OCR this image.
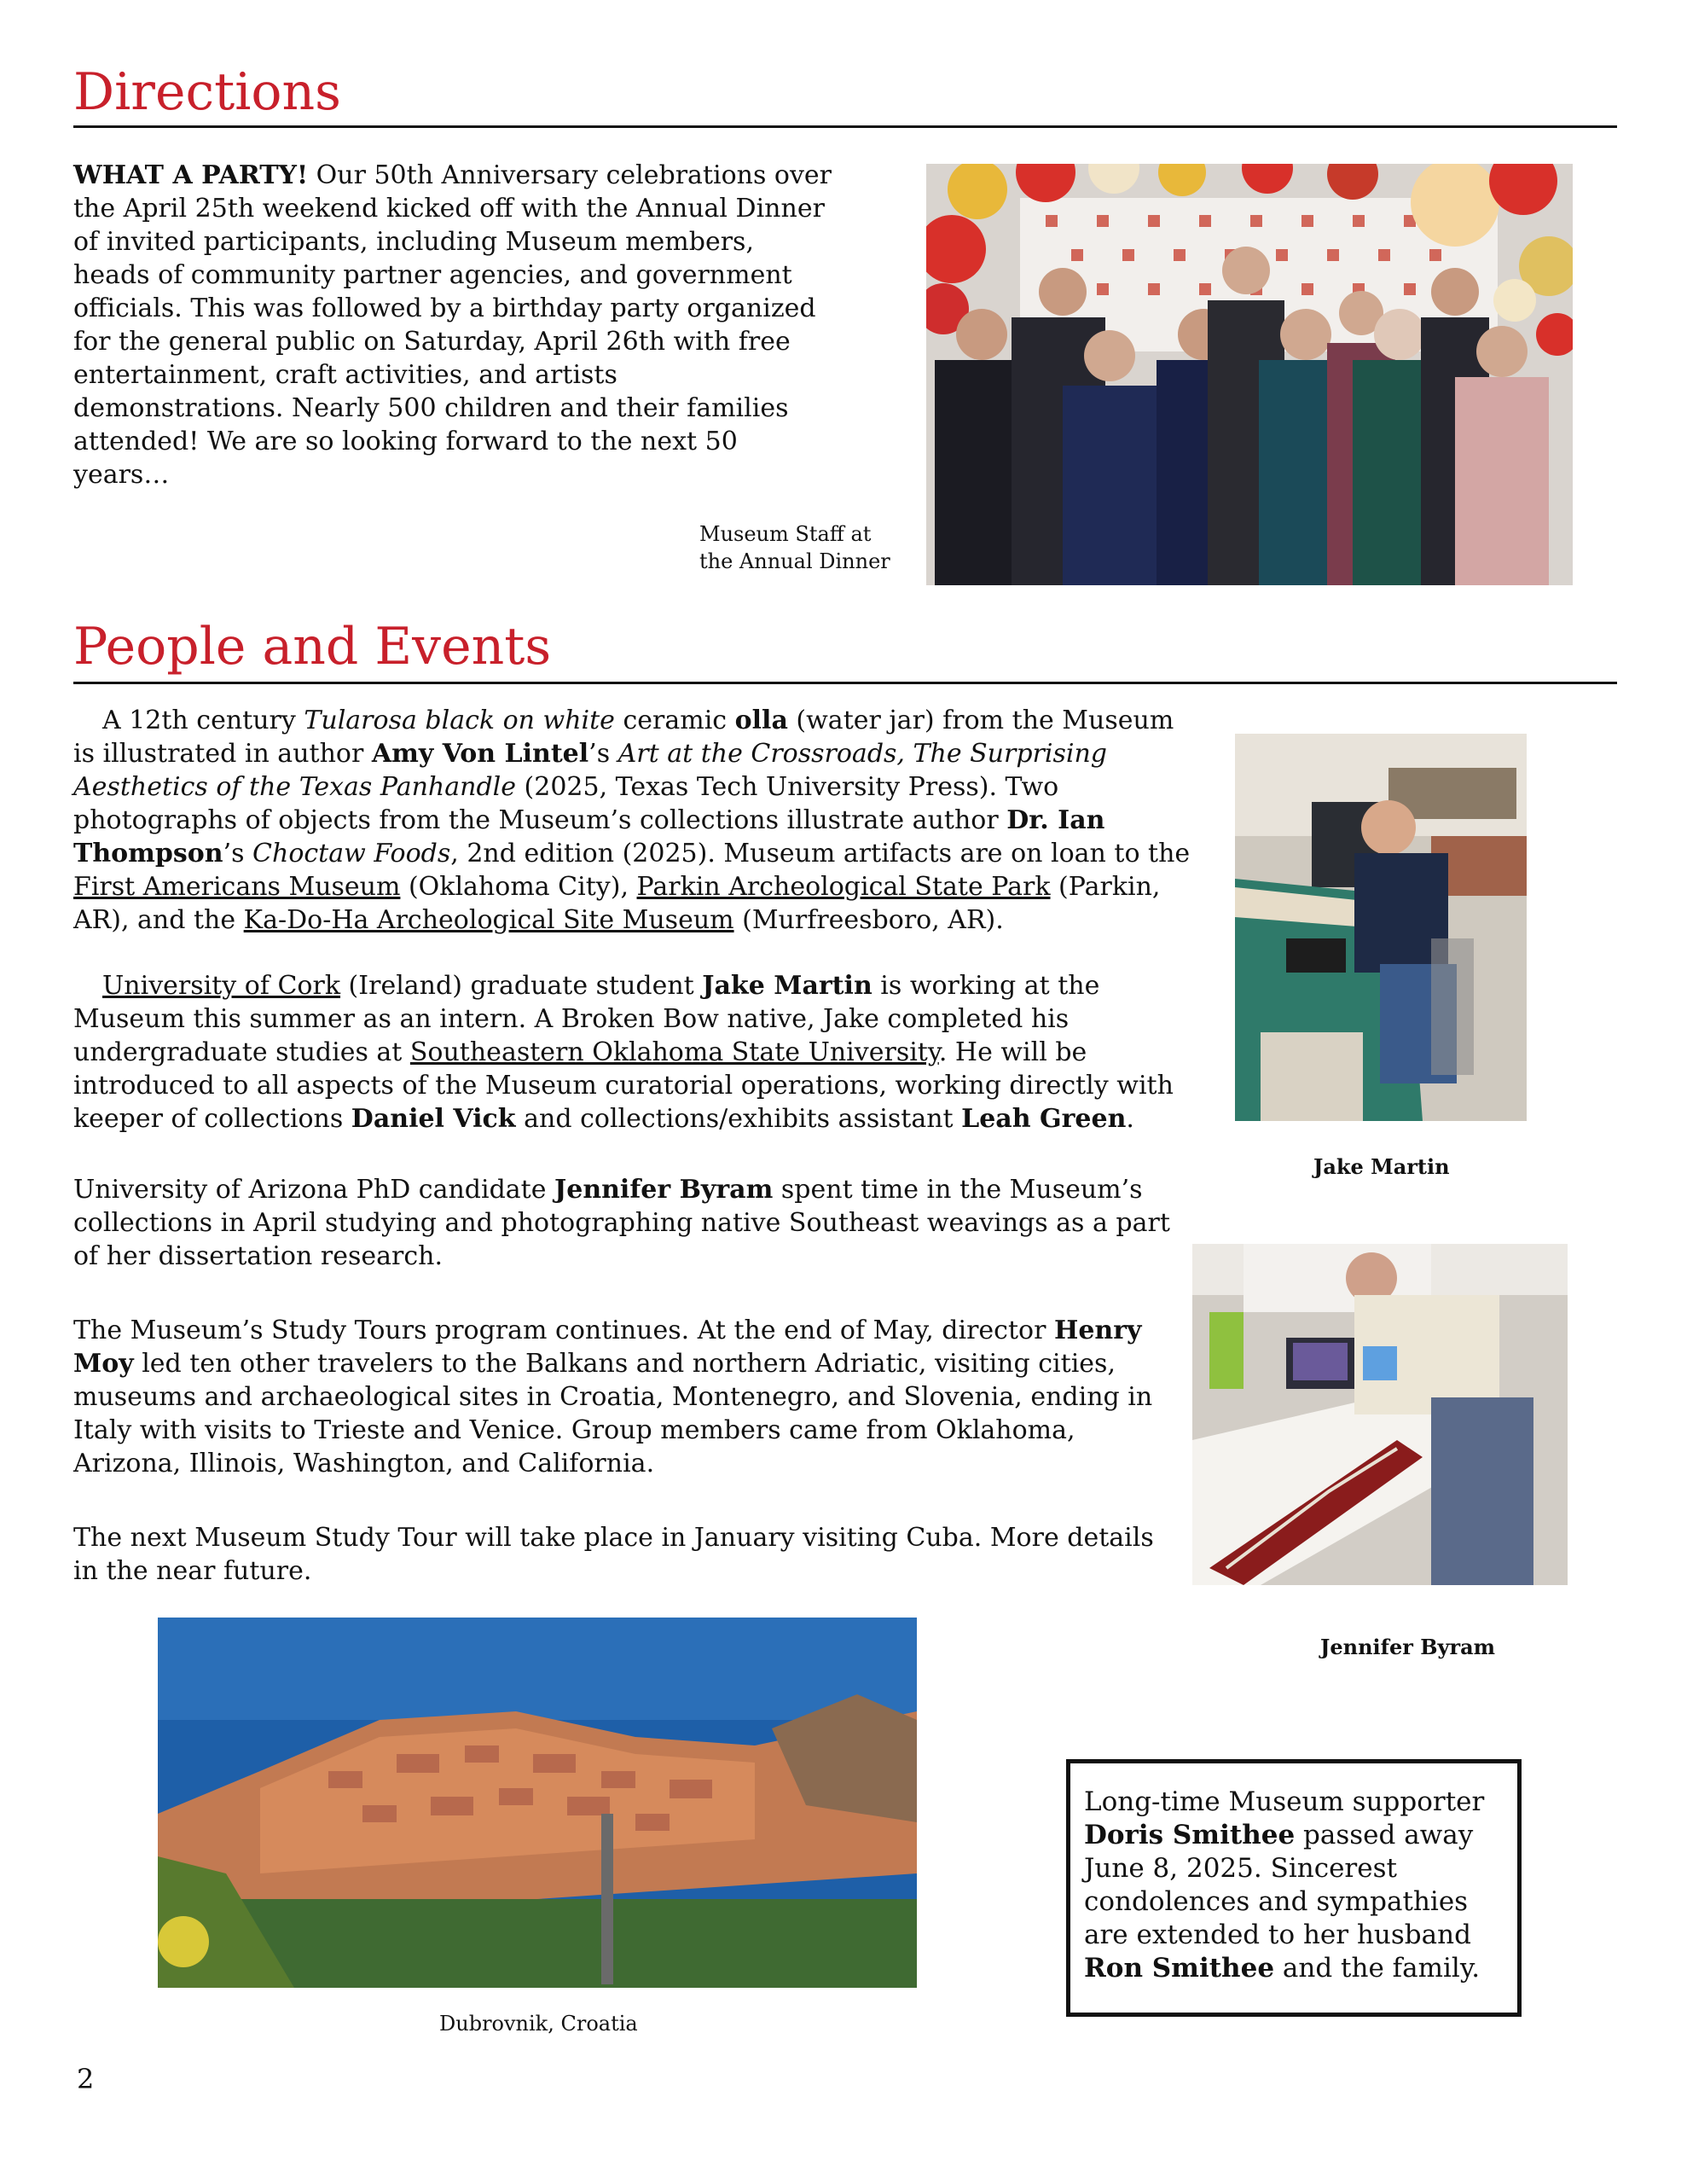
Directions

WHAT A PARTY! Our 50th Anniversary celebrations over the April 25th weekend kicked off with the Annual Dinner of invited participants, including Museum members, heads of community partner agencies, and government officials. This was followed by a birthday party organized for the general public on Saturday, April 26th with free entertainment, craft activities, and artists demonstrations. Nearly 500 children and their families attended! We are so looking forward to the next 50 years…

Museum Staff at
the Annual Dinner
People and Events

A 12th century Tularosa black on white ceramic olla (water jar) from the Museum is illustrated in author Amy Von Lintel’s Art at the Crossroads, The Surprising Aesthetics of the Texas Panhandle (2025, Texas Tech University Press). Two photographs of objects from the Museum’s collections illustrate author Dr. Ian Thompson’s Choctaw Foods, 2nd edition (2025). Museum artifacts are on loan to the First Americans Museum (Oklahoma City), Parkin Archeological State Park (Parkin, AR), and the Ka-Do-Ha Archeological Site Museum (Murfreesboro, AR).

University of Cork (Ireland) graduate student Jake Martin is working at the Museum this summer as an intern. A Broken Bow native, Jake completed his undergraduate studies at Southeastern Oklahoma State University. He will be introduced to all aspects of the Museum curatorial operations, working directly with keeper of collections Daniel Vick and collections/exhibits assistant Leah Green.

University of Arizona PhD candidate Jennifer Byram spent time in the Museum’s collections in April studying and photographing native Southeast weavings as a part of her dissertation research.

The Museum’s Study Tours program continues. At the end of May, director Henry Moy led ten other travelers to the Balkans and northern Adriatic, visiting cities, museums and archaeological sites in Croatia, Montenegro, and Slovenia, ending in Italy with visits to Trieste and Venice. Group members came from Oklahoma, Arizona, Illinois, Washington, and California.

The next Museum Study Tour will take place in January visiting Cuba. More details in the near future.

Jake Martin
Jennifer Byram
Dubrovnik, Croatia
Long-time Museum supporter Doris Smithee passed away June 8, 2025. Sincerest condolences and sympathies are extended to her husband Ron Smithee and the family.
2
